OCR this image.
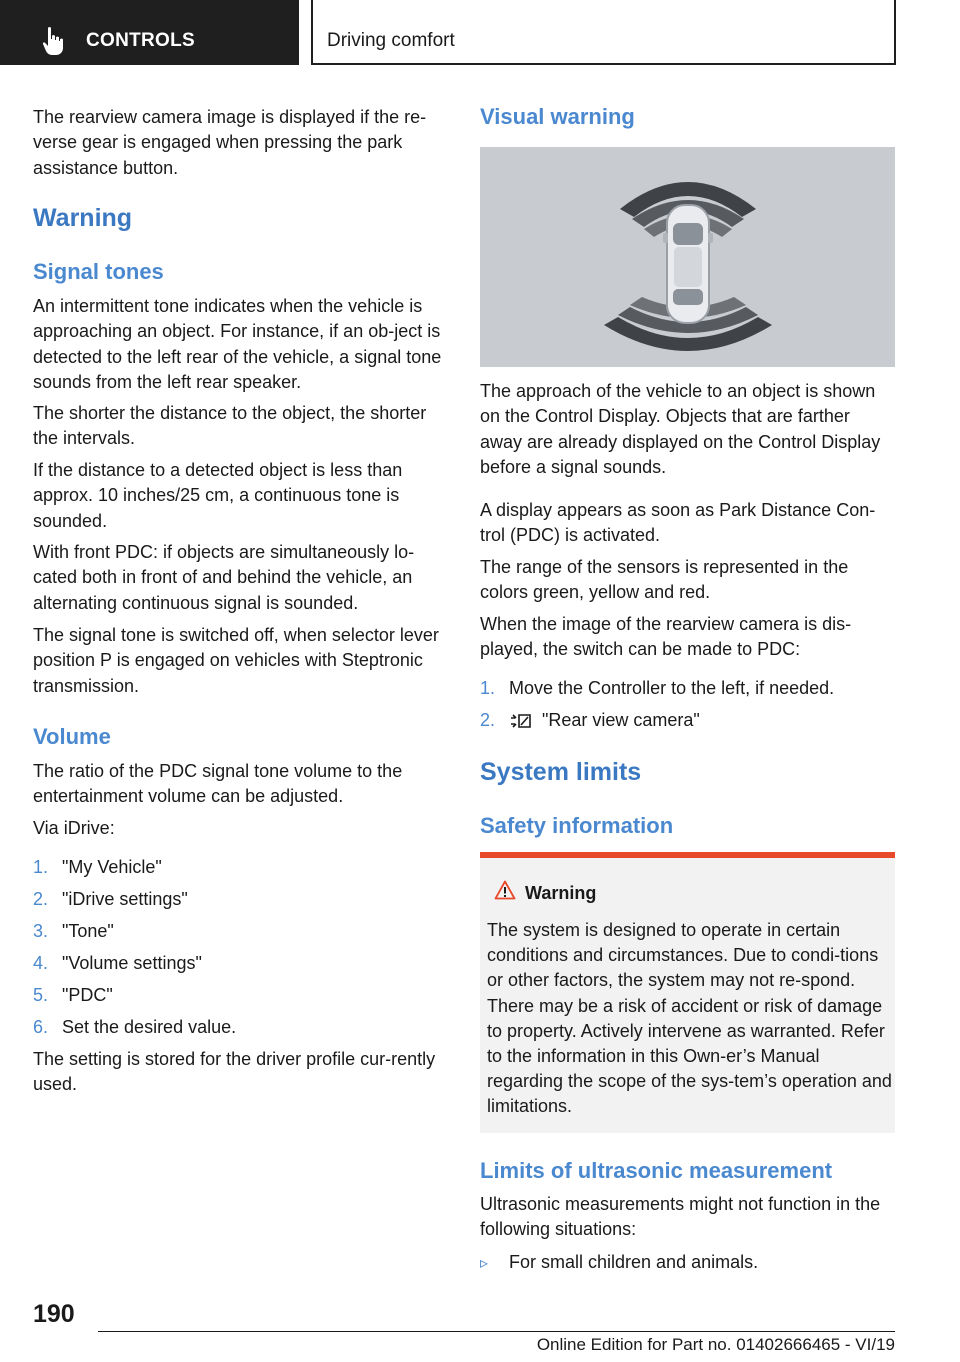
CONTROLS	Driving comfort

The rearview camera image is displayed if the re-verse gear is engaged when pressing the park assistance button.

Warning
Signal tones

An intermittent tone indicates when the vehicle is approaching an object. For instance, if an ob-ject is detected to the left rear of the vehicle, a signal tone sounds from the left rear speaker.

The shorter the distance to the object, the shorter the intervals.

If the distance to a detected object is less than approx. 10 inches/25 cm, a continuous tone is sounded.

With front PDC: if objects are simultaneously lo-cated both in front of and behind the vehicle, an alternating continuous signal is sounded.

The signal tone is switched off, when selector lever position P is engaged on vehicles with Steptronic transmission.

Volume

The ratio of the PDC signal tone volume to the entertainment volume can be adjusted.

Via iDrive:

1. "My Vehicle"
2. "iDrive settings"
3. "Tone"
4. "Volume settings"
5. "PDC"
6. Set the desired value.

The setting is stored for the driver profile cur-rently used.

Visual warning

The approach of the vehicle to an object is shown on the Control Display. Objects that are farther away are already displayed on the Control Display before a signal sounds.

A display appears as soon as Park Distance Con-trol (PDC) is activated.

The range of the sensors is represented in the colors green, yellow and red.

When the image of the rearview camera is dis-played, the switch can be made to PDC:

1. Move the Controller to the left, if needed.
2.	"Rear view camera"
System limits
Safety information
Warning

The system is designed to operate in certain conditions and circumstances. Due to condi-tions or other factors, the system may not re-spond. There may be a risk of accident or risk of damage to property. Actively intervene as warranted. Refer to the information in this Own-er’s Manual regarding the scope of the sys-tem’s operation and limitations.

Limits of ultrasonic measurement

Ultrasonic measurements might not function in the following situations:

▹ For small children and animals.
190
Online Edition for Part no. 01402666465 - VI/19
